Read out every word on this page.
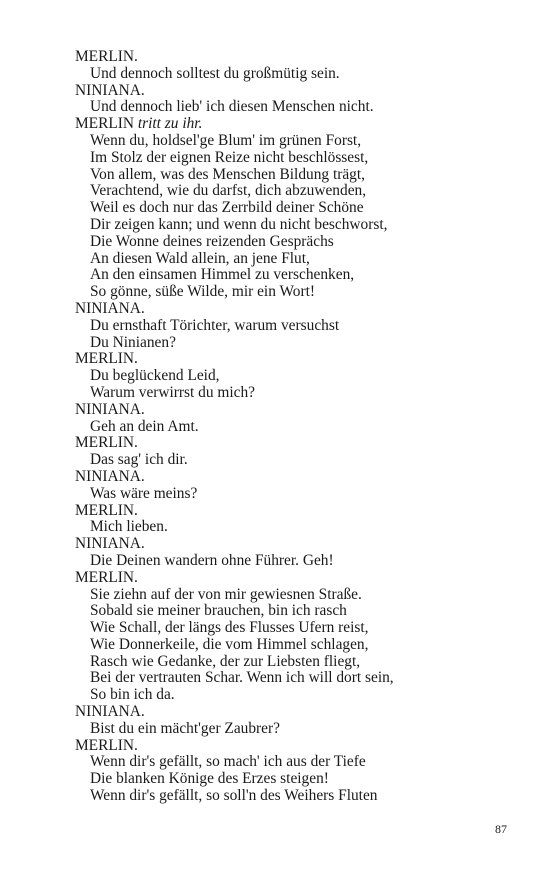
MERLIN.
Und dennoch solltest du großmütig sein.
NINIANA.
Und dennoch lieb' ich diesen Menschen nicht.
MERLIN tritt zu ihr.
Wenn du, holdsel'ge Blum' im grünen Forst,
Im Stolz der eignen Reize nicht beschlössest,
Von allem, was des Menschen Bildung trägt,
Verachtend, wie du darfst, dich abzuwenden,
Weil es doch nur das Zerrbild deiner Schöne
Dir zeigen kann; und wenn du nicht beschworst,
Die Wonne deines reizenden Gesprächs
An diesen Wald allein, an jene Flut,
An den einsamen Himmel zu verschenken,
So gönne, süße Wilde, mir ein Wort!
NINIANA.
Du ernsthaft Törichter, warum versuchst
Du Ninianen?
MERLIN.
Du beglückend Leid,
Warum verwirrst du mich?
NINIANA.
Geh an dein Amt.
MERLIN.
Das sag' ich dir.
NINIANA.
Was wäre meins?
MERLIN.
Mich lieben.
NINIANA.
Die Deinen wandern ohne Führer. Geh!
MERLIN.
Sie ziehn auf der von mir gewiesnen Straße.
Sobald sie meiner brauchen, bin ich rasch
Wie Schall, der längs des Flusses Ufern reist,
Wie Donnerkeile, die vom Himmel schlagen,
Rasch wie Gedanke, der zur Liebsten fliegt,
Bei der vertrauten Schar. Wenn ich will dort sein,
So bin ich da.
NINIANA.
Bist du ein mächt'ger Zaubrer?
MERLIN.
Wenn dir's gefällt, so mach' ich aus der Tiefe
Die blanken Könige des Erzes steigen!
Wenn dir's gefällt, so soll'n des Weihers Fluten
87
